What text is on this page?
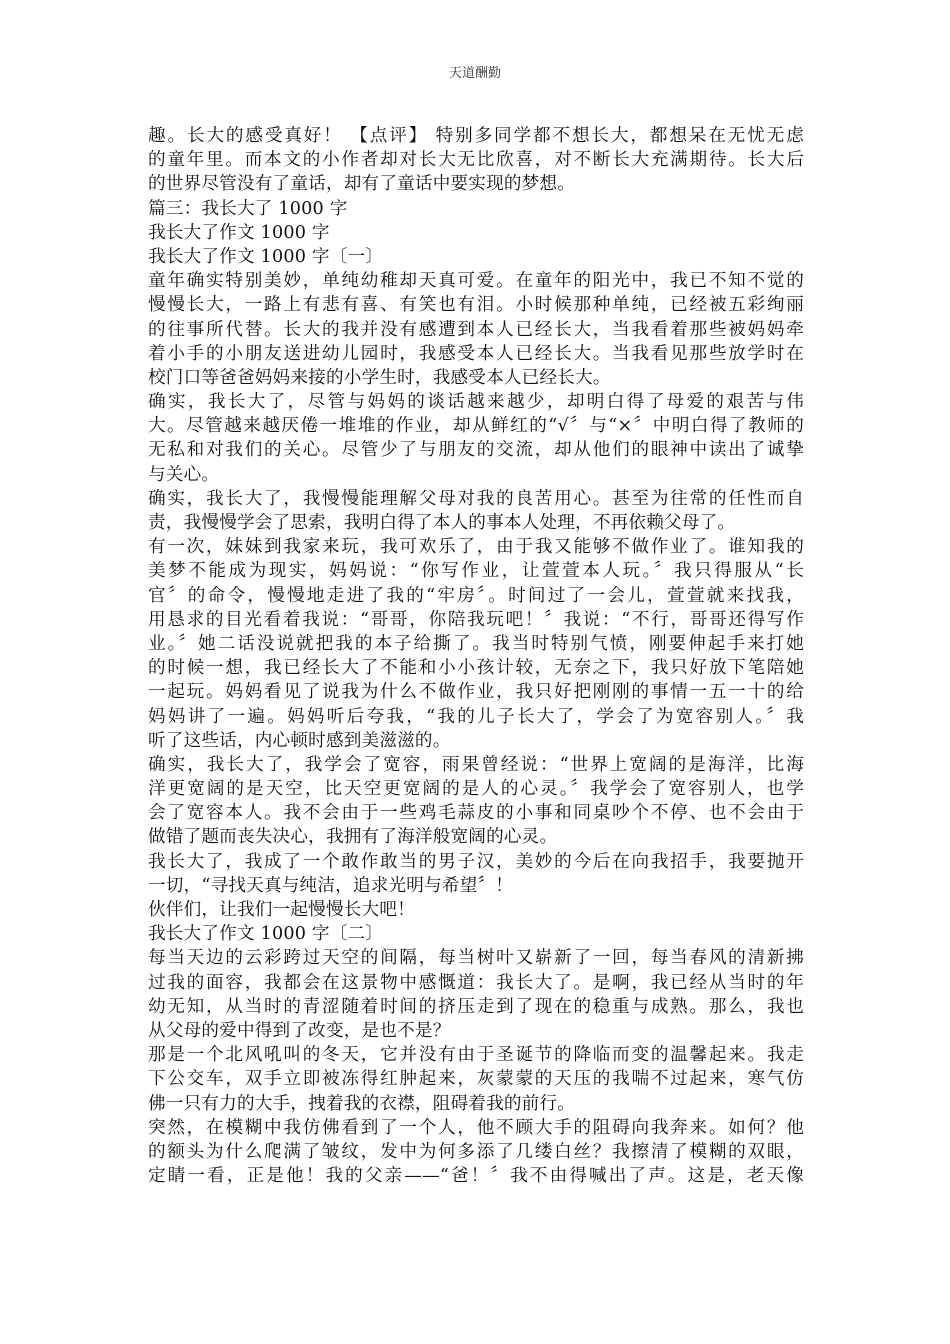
天道酬勤
趣。长大的感受真好！ 【点评】 特别多同学都不想长大，都想呆在无忧无虑
的童年里。而本文的小作者却对长大无比欣喜，对不断长大充满期待。长大后
的世界尽管没有了童话，却有了童话中要实现的梦想。
篇三：我长大了 1000 字
我长大了作文 1000 字
我长大了作文 1000 字〔一〕
童年确实特别美妙，单纯幼稚却天真可爱。在童年的阳光中，我已不知不觉的
慢慢长大，一路上有悲有喜、有笑也有泪。小时候那种单纯，已经被五彩绚丽
的往事所代替。长大的我并没有感遭到本人已经长大，当我看着那些被妈妈牵
着小手的小朋友送进幼儿园时，我感受本人已经长大。当我看见那些放学时在
校门口等爸爸妈妈来接的小学生时，我感受本人已经长大。
确实，我长大了，尽管与妈妈的谈话越来越少，却明白得了母爱的艰苦与伟
大。尽管越来越厌倦一堆堆的作业，却从鲜红的“√〞与“×〞中明白得了教师的
无私和对我们的关心。尽管少了与朋友的交流，却从他们的眼神中读出了诚挚
与关心。
确实，我长大了，我慢慢能理解父母对我的良苦用心。甚至为往常的任性而自
责，我慢慢学会了思索，我明白得了本人的事本人处理，不再依赖父母了。
有一次，妹妹到我家来玩，我可欢乐了，由于我又能够不做作业了。谁知我的
美梦不能成为现实，妈妈说：“你写作业，让萱萱本人玩。〞我只得服从“长
官〞的命令，慢慢地走进了我的“牢房〞。时间过了一会儿，萱萱就来找我，
用恳求的目光看着我说：“哥哥，你陪我玩吧！〞我说：“不行，哥哥还得写作
业。〞她二话没说就把我的本子给撕了。我当时特别气愤，刚要伸起手来打她
的时候一想，我已经长大了不能和小小孩计较，无奈之下，我只好放下笔陪她
一起玩。妈妈看见了说我为什么不做作业，我只好把刚刚的事情一五一十的给
妈妈讲了一遍。妈妈听后夸我，“我的儿子长大了，学会了为宽容别人。〞我
听了这些话，内心顿时感到美滋滋的。
确实，我长大了，我学会了宽容，雨果曾经说：“世界上宽阔的是海洋，比海
洋更宽阔的是天空，比天空更宽阔的是人的心灵。〞我学会了宽容别人，也学
会了宽容本人。我不会由于一些鸡毛蒜皮的小事和同桌吵个不停、也不会由于
做错了题而丧失决心，我拥有了海洋般宽阔的心灵。
我长大了，我成了一个敢作敢当的男子汉，美妙的今后在向我招手，我要抛开
一切，“寻找天真与纯洁，追求光明与希望〞！
伙伴们，让我们一起慢慢长大吧！
我长大了作文 1000 字〔二〕
每当天边的云彩跨过天空的间隔，每当树叶又崭新了一回，每当春风的清新拂
过我的面容，我都会在这景物中感慨道：我长大了。是啊，我已经从当时的年
幼无知，从当时的青涩随着时间的挤压走到了现在的稳重与成熟。那么，我也
从父母的爱中得到了改变，是也不是？
那是一个北风吼叫的冬天，它并没有由于圣诞节的降临而变的温馨起来。我走
下公交车，双手立即被冻得红肿起来，灰蒙蒙的天压的我喘不过起来，寒气仿
佛一只有力的大手，拽着我的衣襟，阻碍着我的前行。
突然，在模糊中我仿佛看到了一个人，他不顾大手的阻碍向我奔来。如何？他
的额头为什么爬满了皱纹，发中为何多添了几缕白丝？我擦清了模糊的双眼，
定睛一看，正是他！我的父亲——“爸！〞我不由得喊出了声。这是，老天像
